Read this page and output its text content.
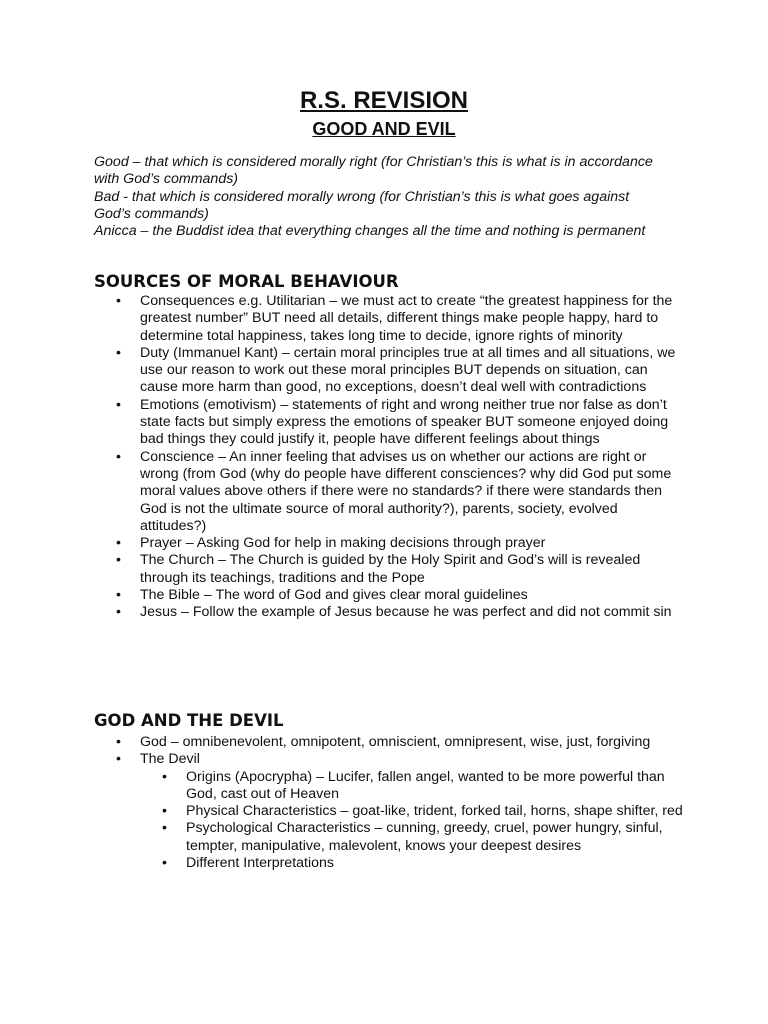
R.S. REVISION
GOOD AND EVIL

Good – that which is considered morally right (for Christian’s this is what is in accordance with God’s commands)

Bad - that which is considered morally wrong (for Christian’s this is what goes against God’s commands)

Anicca – the Buddist idea that everything changes all the time and nothing is permanent

SOURCES OF MORAL BEHAVIOUR
• Consequences e.g. Utilitarian – we must act to create “the greatest happiness for the greatest number” BUT need all details, different things make people happy, hard to determine total happiness, takes long time to decide, ignore rights of minority
• Duty (Immanuel Kant) – certain moral principles true at all times and all situations, we use our reason to work out these moral principles BUT depends on situation, can cause more harm than good, no exceptions, doesn’t deal well with contradictions
• Emotions (emotivism) – statements of right and wrong neither true nor false as don’t state facts but simply express the emotions of speaker BUT someone enjoyed doing bad things they could justify it, people have different feelings about things
• Conscience – An inner feeling that advises us on whether our actions are right or wrong (from God (why do people have different consciences? why did God put some moral values above others if there were no standards? if there were standards then God is not the ultimate source of moral authority?), parents, society, evolved attitudes?)
• Prayer – Asking God for help in making decisions through prayer
• The Church – The Church is guided by the Holy Spirit and God’s will is revealed through its teachings, traditions and the Pope
• The Bible – The word of God and gives clear moral guidelines
• Jesus – Follow the example of Jesus because he was perfect and did not commit sin
GOD AND THE DEVIL
• God – omnibenevolent, omnipotent, omniscient, omnipresent, wise, just, forgiving
• The Devil
• Origins (Apocrypha) – Lucifer, fallen angel, wanted to be more powerful than God, cast out of Heaven
• Physical Characteristics – goat-like, trident, forked tail, horns, shape shifter, red
• Psychological Characteristics – cunning, greedy, cruel, power hungry, sinful, tempter, manipulative, malevolent, knows your deepest desires
• Different Interpretations
